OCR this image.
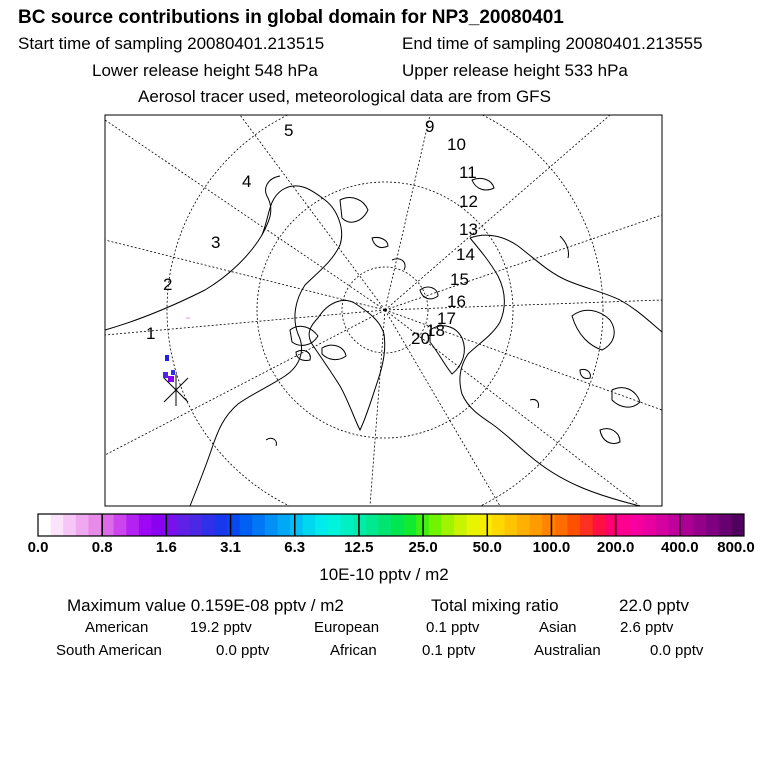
BC source contributions in global domain for NP3_20080401
Start time of sampling 20080401.213515	End time of sampling 20080401.213555
Lower release height 548 hPa	Upper release height 533 hPa
Aerosol tracer used, meteorological data are from GFS
1
2
3
4
5	9
10
11
12
13
14
15
16
17
18
20
0.0	0.8	1.6	3.1	6.3	12.5 25.0 50.0 100.0 200.0 400.0 800.0
10E-10 pptv / m2
Maximum value 0.159E-08 pptv / m2	Total mixing ratio	22.0 pptv
American	19.2 pptv	European	0.1 pptv	Asian	2.6 pptv
South American	0.0 pptv	African	0.1 pptv	Australian	0.0 pptv
